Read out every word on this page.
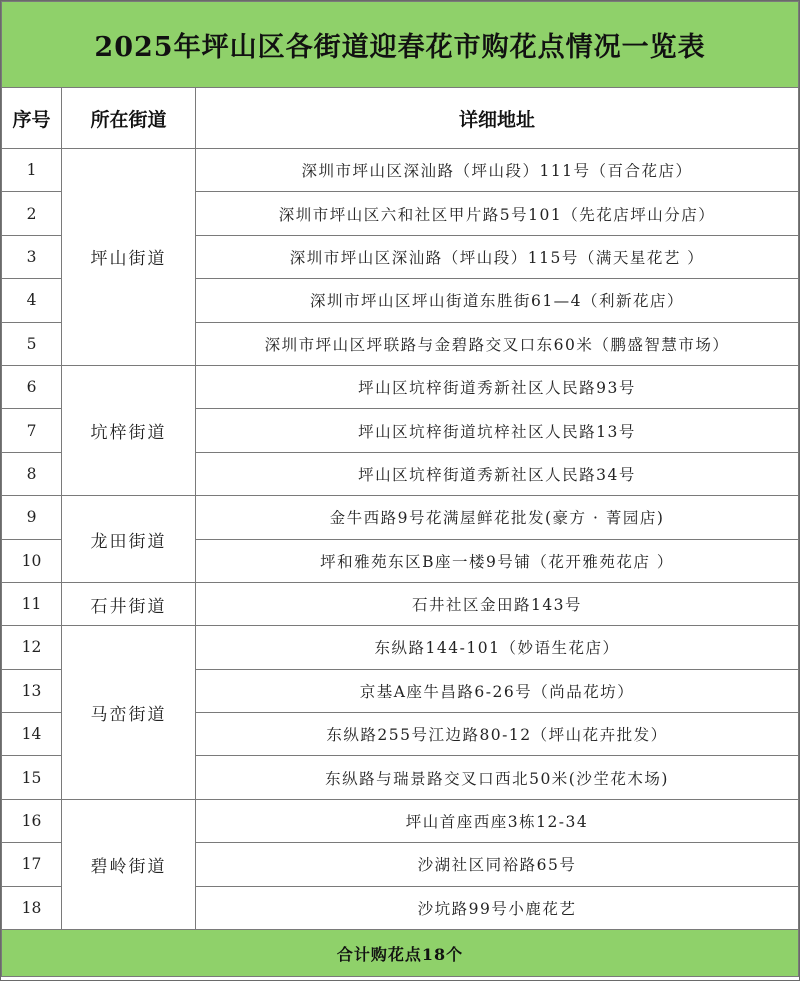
2025年坪山区各街道迎春花市购花点情况一览表		
序号	所在街道	详细地址
1	坪山街道	深圳市坪山区深汕路（坪山段）111号（百合花店）
2		深圳市坪山区六和社区甲片路5号101（先花店坪山分店）
3		深圳市坪山区深汕路（坪山段）115号（满天星花艺 ）
4		深圳市坪山区坪山街道东胜街61—4（利新花店）
5		深圳市坪山区坪联路与金碧路交叉口东60米（鹏盛智慧市场）
6	坑梓街道	坪山区坑梓街道秀新社区人民路93号
7		坪山区坑梓街道坑梓社区人民路13号
8		坪山区坑梓街道秀新社区人民路34号
9	龙田街道	金牛西路9号花满屋鲜花批发(豪方 · 菁园店)
10		坪和雅苑东区B座一楼9号铺（花开雅苑花店 ）
11	石井街道	石井社区金田路143号
12	马峦街道	东纵路144-101（妙语生花店）
13		京基A座牛昌路6-26号（尚品花坊）
14		东纵路255号江边路80-12（坪山花卉批发）
15		东纵路与瑞景路交叉口西北50米(沙坣花木场)
16	碧岭街道	坪山首座西座3栋12-34
17		沙湖社区同裕路65号
18		沙坑路99号小鹿花艺
合计购花点18个		
